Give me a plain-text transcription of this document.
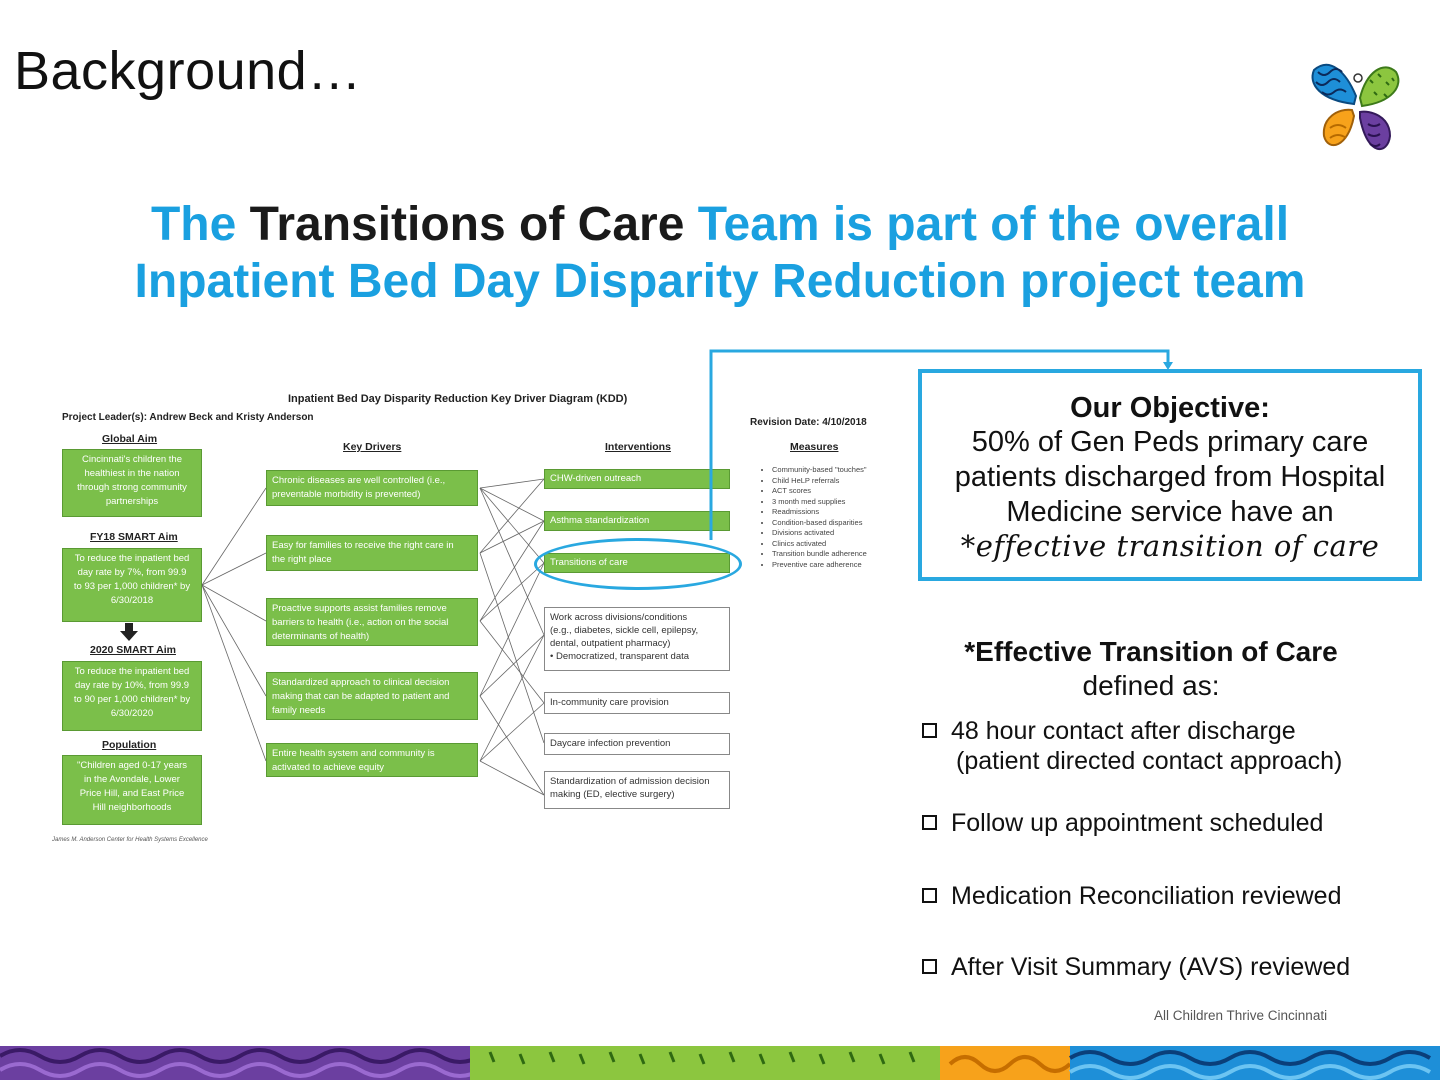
Background…
The Transitions of Care Team is part of the overall
Inpatient Bed Day Disparity Reduction project team
Inpatient Bed Day Disparity Reduction Key Driver Diagram (KDD)
Project Leader(s): Andrew Beck and Kristy Anderson	Revision Date: 4/10/2018
Global Aim
Key Drivers	Interventions	Measures
Cincinnati's children the
healthiest in the nation
through strong community
partnerships
FY18 SMART Aim
To reduce the inpatient bed
day rate by 7%, from 99.9
to 93 per 1,000 children* by
6/30/2018
2020 SMART Aim
To reduce the inpatient bed
day rate by 10%, from 99.9
to 90 per 1,000 children* by
6/30/2020
Population
"Children aged 0-17 years
in the Avondale, Lower
Price Hill, and East Price
Hill neighborhoods
James M. Anderson Center for Health Systems Excellence
Chronic diseases are well controlled (i.e.,
preventable morbidity is prevented)
Easy for families to receive the right care in
the right place
Proactive supports assist families remove
barriers to health (i.e., action on the social
determinants of health)
Standardized approach to clinical decision
making that can be adapted to patient and
family needs
Entire health system and community is
activated to achieve equity
CHW-driven outreach
Asthma standardization
Transitions of care
Work across divisions/conditions
(e.g., diabetes, sickle cell, epilepsy,
dental, outpatient pharmacy)
• Democratized, transparent data
In-community care provision
Daycare infection prevention
Standardization of admission decision
making (ED, elective surgery)
• Community-based "touches"
• Child HeLP referrals
• ACT scores
• 3 month med supplies
• Readmissions
• Condition-based disparities
• Divisions activated
• Clinics activated
• Transition bundle adherence
• Preventive care adherence
Our Objective:
50% of Gen Peds primary care
patients discharged from Hospital
Medicine service have an
*effective transition of care
*Effective Transition of Care
defined as:
48 hour contact after discharge
(patient directed contact approach)
Follow up appointment scheduled
Medication Reconciliation reviewed
After Visit Summary (AVS) reviewed
All Children Thrive Cincinnati
